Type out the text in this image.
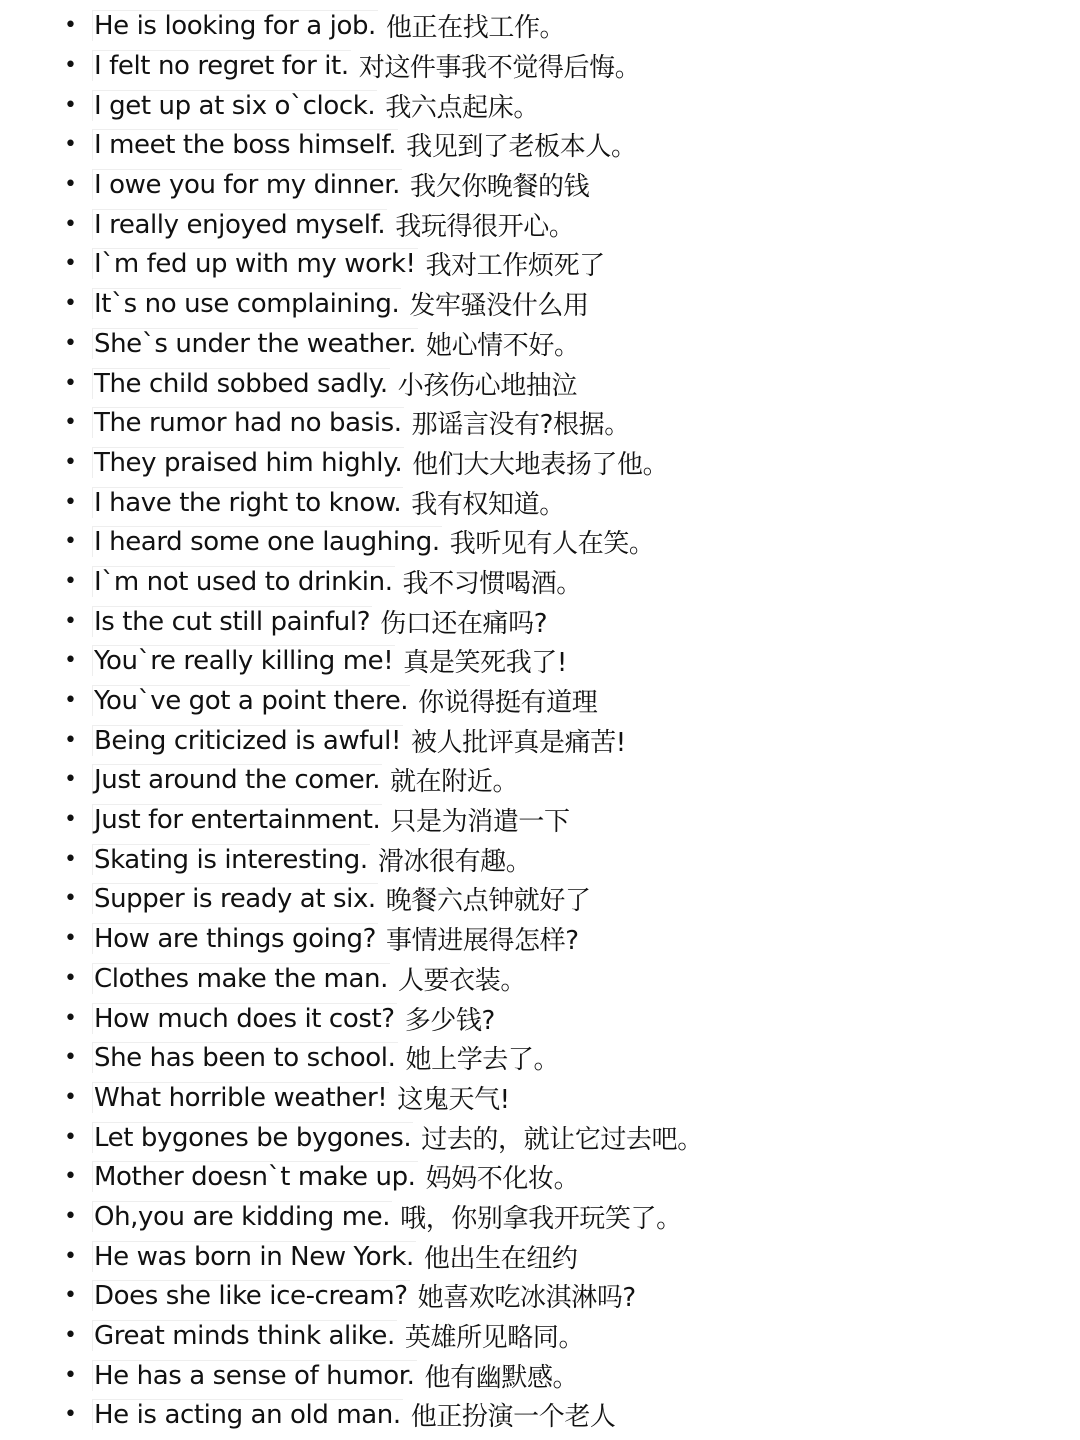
• He is looking for a job. 他正在找工作。
• I felt no regret for it. 对这件事我不觉得后悔。
• I get up at six o`clock. 我六点起床。
• I meet the boss himself. 我见到了老板本人。
• I owe you for my dinner. 我欠你晚餐的钱
• I really enjoyed myself. 我玩得很开心。
• I`m fed up with my work! 我对工作烦死了
• It`s no use complaining. 发牢骚没什么用
• She`s under the weather. 她心情不好。
• The child sobbed sadly. 小孩伤心地抽泣
• The rumor had no basis. 那谣言没有?根据。
• They praised him highly. 他们大大地表扬了他。
• I have the right to know. 我有权知道。
• I heard some one laughing. 我听见有人在笑。
• I`m not used to drinkin. 我不习惯喝酒。
• Is the cut still painful? 伤口还在痛吗?
• You`re really killing me! 真是笑死我了!
• You`ve got a point there. 你说得挺有道理
• Being criticized is awful! 被人批评真是痛苦!
• Just around the comer. 就在附近。
• Just for entertainment. 只是为消遣一下
• Skating is interesting. 滑冰很有趣。
• Supper is ready at six. 晚餐六点钟就好了
• How are things going? 事情进展得怎样?
• Clothes make the man. 人要衣装。
• How much does it cost? 多少钱?
• She has been to school. 她上学去了。
• What horrible weather! 这鬼天气!
• Let bygones be bygones. 过去的，就让它过去吧。
• Mother doesn`t make up. 妈妈不化妆。
• Oh,you are kidding me. 哦，你别拿我开玩笑了。
• He was born in New York. 他出生在纽约
• Does she like ice-cream? 她喜欢吃冰淇淋吗?
• Great minds think alike. 英雄所见略同。
• He has a sense of humor. 他有幽默感。
• He is acting an old man. 他正扮演一个老人
